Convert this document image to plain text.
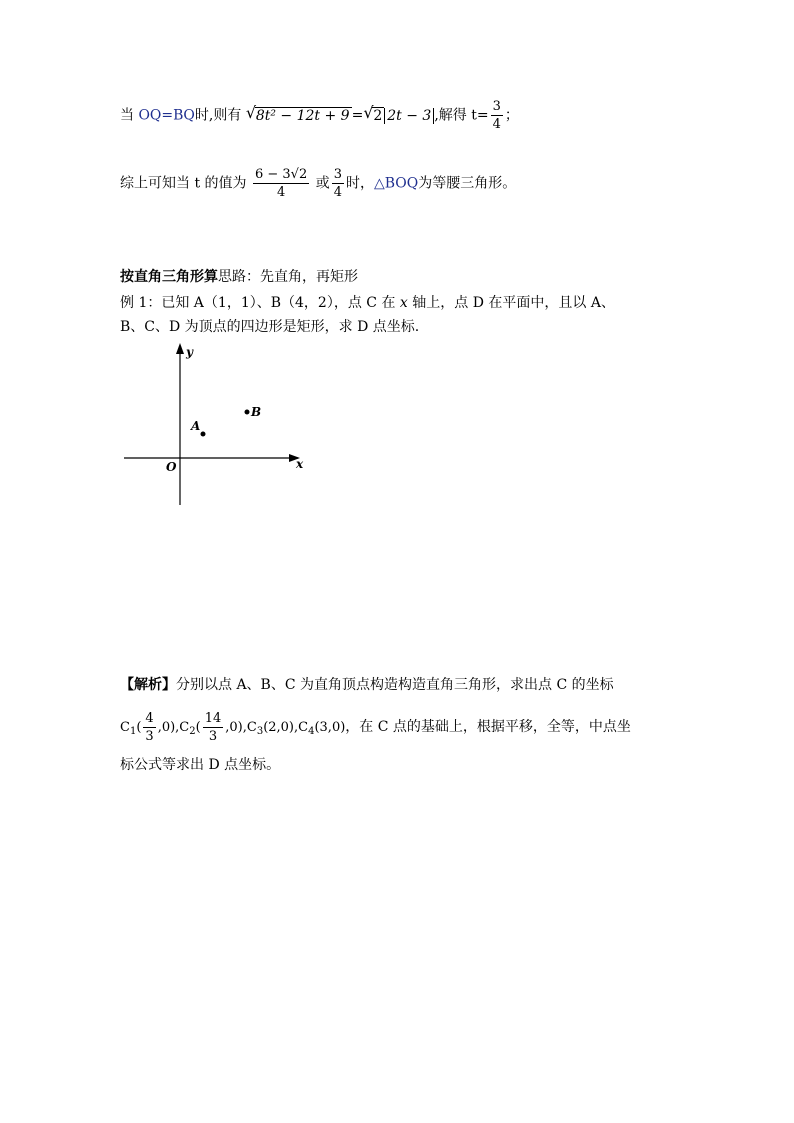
当 OQ=BQ时,则有 √ 8t² − 12t + 9 = √ 2 2t − 3 ,解得 $t= \frac{3}{4}$ ；
综上可知当 t 的值为 $\frac{6 - 3√2}{4}$ 或 $\frac{3}{4}$ 时，△BOQ为等腰三角形。
按直角三角形算思路：先直角，再矩形
例 1：已知 A（1，1）、B（4，2），点 C 在 x 轴上，点 D 在平面中，且以 A、
B、C、D 为顶点的四边形是矩形，求 D 点坐标.
y
x
O
A
B
【解析】分别以点 A、B、C 为直角顶点构造构造直角三角形，求出点 C 的坐标
$C_1( \frac{4}{3} ,0),C_2( \frac{14}{3} ,0),C_3(2,0),C_4(3,0)$，在 C 点的基础上，根据平移，全等，中点坐
标公式等求出 D 点坐标。
